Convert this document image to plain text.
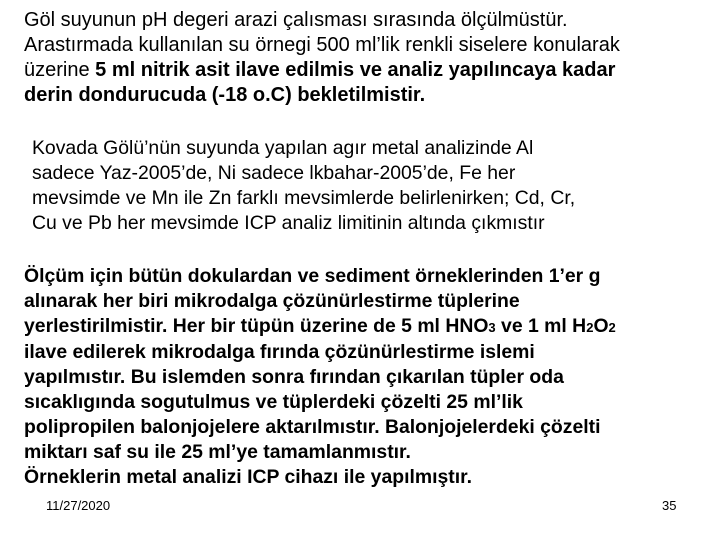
Göl suyunun pH degeri arazi çalısması sırasında ölçülmüstür.
Arastırmada kullanılan su örnegi 500 ml’lik renkli siselere konularak
üzerine 5 ml nitrik asit ilave edilmis ve analiz yapılıncaya kadar
derin dondurucuda (-18 o.C) bekletilmistir.
Kovada Gölü’nün suyunda yapılan agır metal analizinde Al
sadece Yaz-2005’de, Ni sadece lkbahar-2005’de, Fe her
mevsimde ve Mn ile Zn farklı mevsimlerde belirlenirken; Cd, Cr,
Cu ve Pb her mevsimde ICP analiz limitinin altında çıkmıstır
Ölçüm için bütün dokulardan ve sediment örneklerinden 1’er g
alınarak her biri mikrodalga çözünürlestirme tüplerine
yerlestirilmistir. Her bir tüpün üzerine de 5 ml HNO3 ve 1 ml H2O2
ilave edilerek mikrodalga fırında çözünürlestirme islemi
yapılmıstır. Bu islemden sonra fırından çıkarılan tüpler oda
sıcaklıgında sogutulmus ve tüplerdeki çözelti 25 ml’lik
polipropilen balonjojelere aktarılmıstır. Balonjojelerdeki çözelti
miktarı saf su ile 25 ml’ye tamamlanmıstır.
Örneklerin metal analizi ICP cihazı ile yapılmıştır.
11/27/2020	35
